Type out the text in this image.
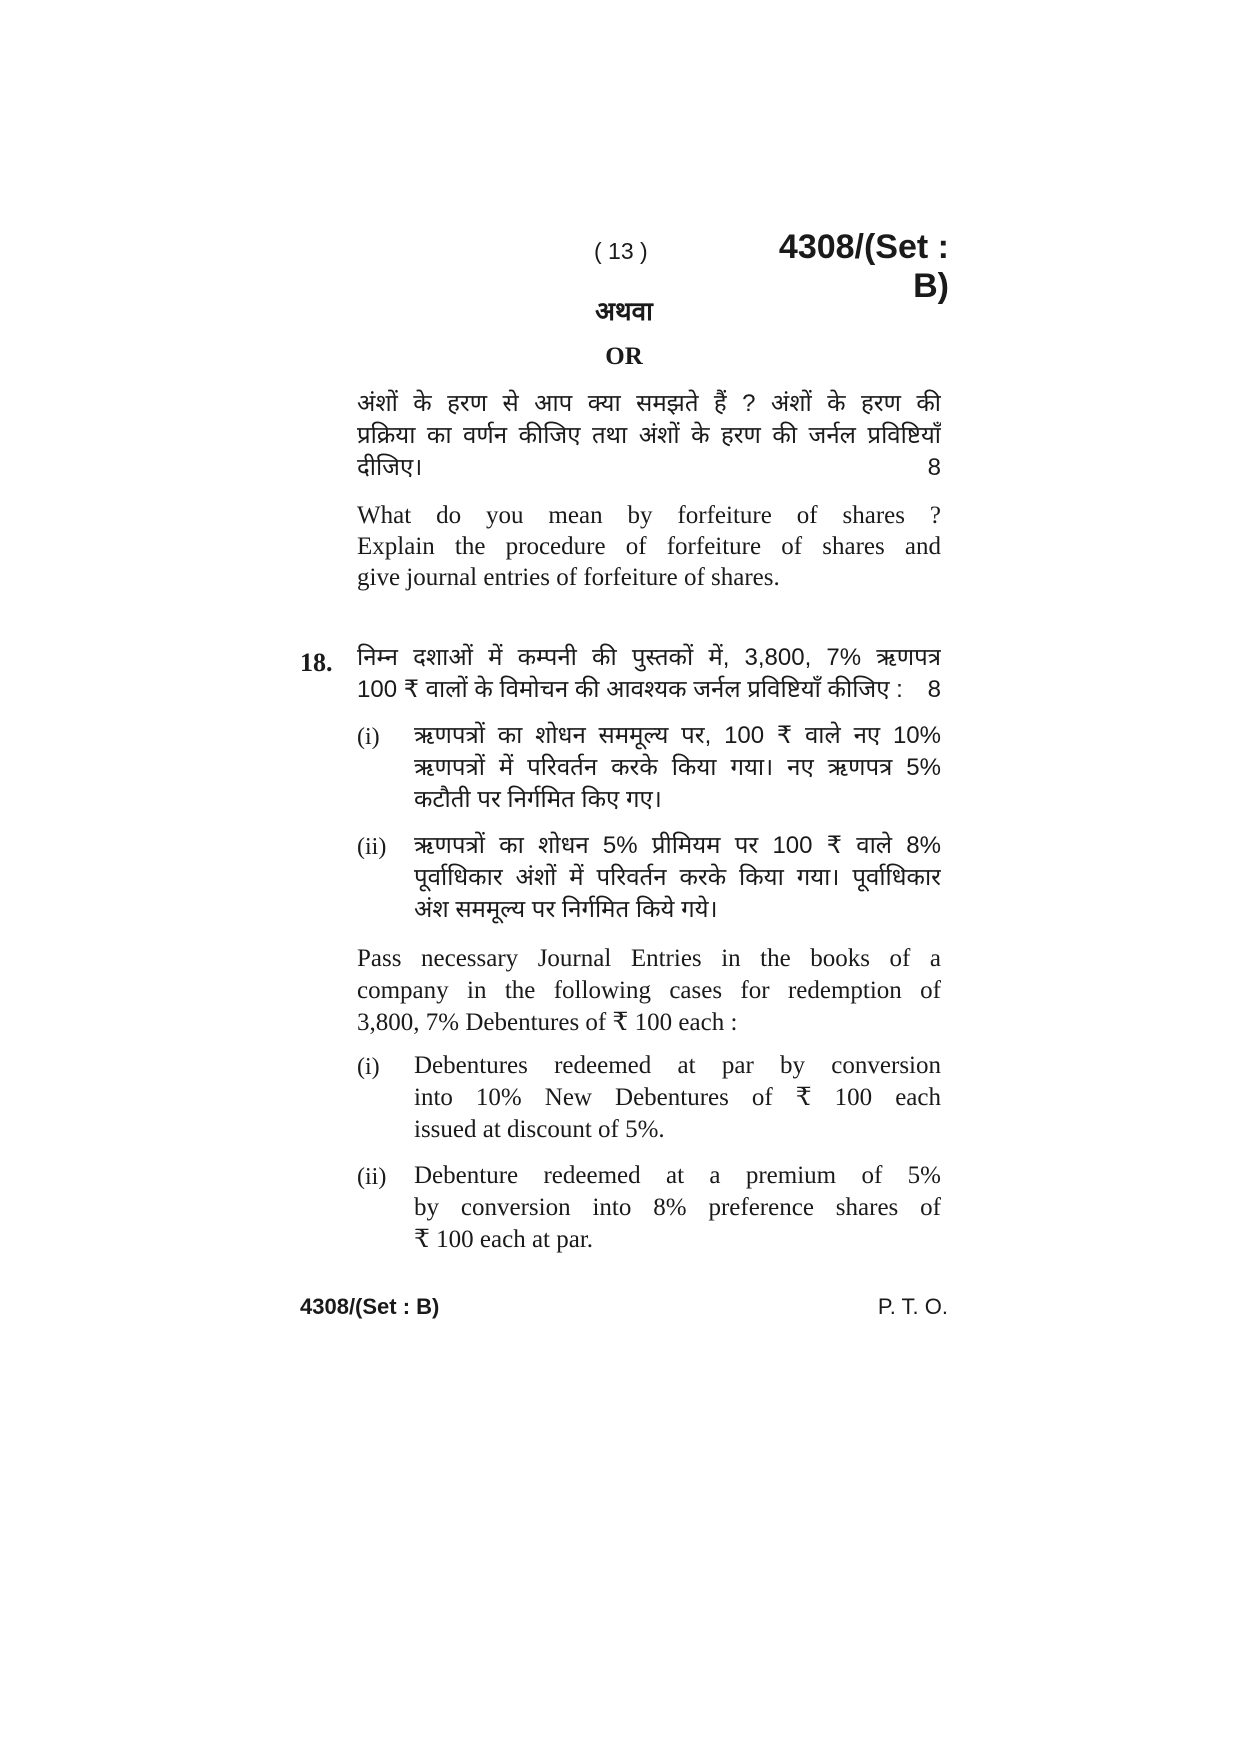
( 13 )	4308/(Set : B)
अथवा
OR
अंशों के हरण से आप क्या समझते हैं ? अंशों के हरण की
प्रक्रिया का वर्णन कीजिए तथा अंशों के हरण की जर्नल प्रविष्टियाँ
दीजिए।	8
What do you mean by forfeiture of shares ?
Explain the procedure of forfeiture of shares and
give journal entries of forfeiture of shares.
18. निम्न दशाओं में कम्पनी की पुस्तकों में, 3,800, 7% ऋणपत्र
100 ₹ वालों के विमोचन की आवश्यक जर्नल प्रविष्टियाँ कीजिए : 8
(i) ऋणपत्रों का शोधन सममूल्य पर, 100 ₹ वाले नए 10%
ऋणपत्रों में परिवर्तन करके किया गया। नए ऋणपत्र 5%
कटौती पर निर्गमित किए गए।
(ii) ऋणपत्रों का शोधन 5% प्रीमियम पर 100 ₹ वाले 8%
पूर्वाधिकार अंशों में परिवर्तन करके किया गया। पूर्वाधिकार
अंश सममूल्य पर निर्गमित किये गये।
Pass necessary Journal Entries in the books of a
company in the following cases for redemption of
3,800, 7% Debentures of ₹ 100 each :
(i) Debentures redeemed at par by conversion
into 10% New Debentures of ₹ 100 each
issued at discount of 5%.
(ii) Debenture redeemed at a premium of 5%
by conversion into 8% preference shares of
₹ 100 each at par.
4308/(Set : B)	P. T. O.
